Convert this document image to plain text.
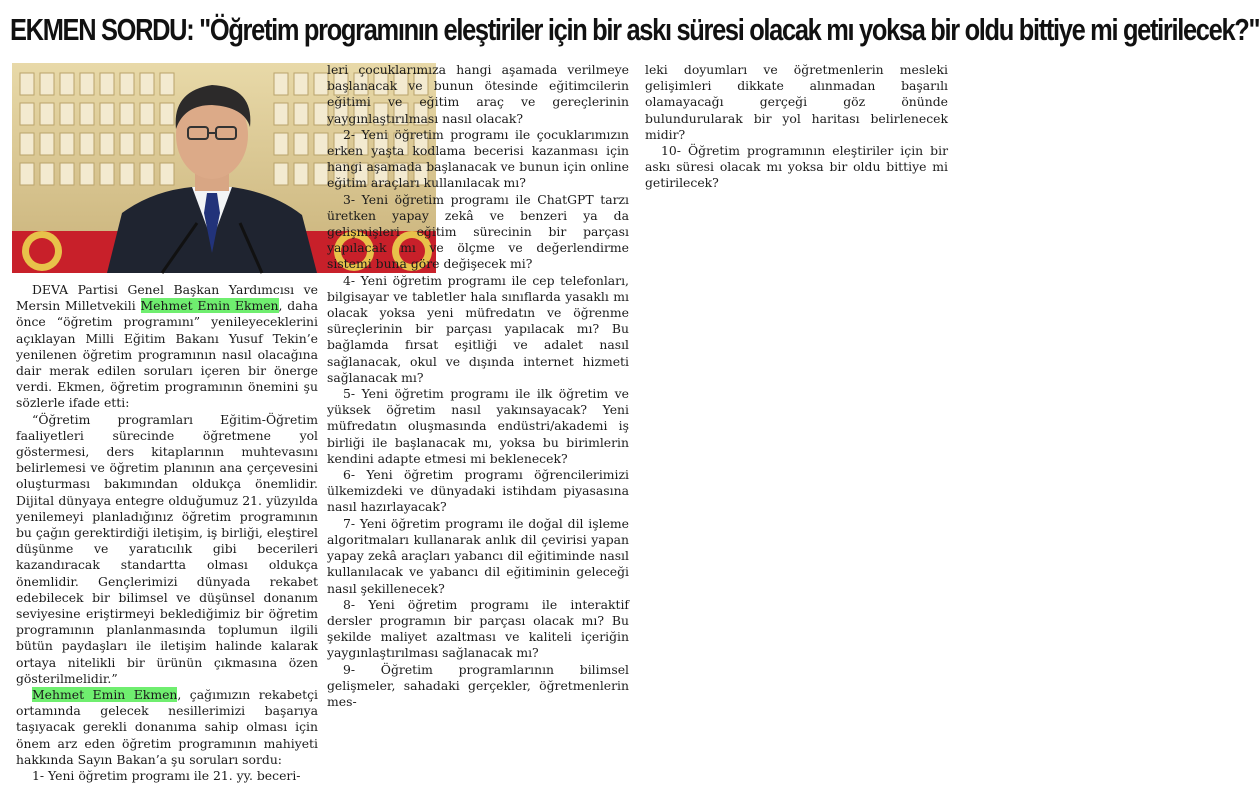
EKMEN SORDU: "Öğretim programının eleştiriler için bir askı süresi olacak mı yoksa bir oldu bittiye mi getirilecek?"

DEVA Partisi Genel Başkan Yardımcısı ve Mersin Milletvekili Mehmet Emin Ekmen, daha önce “öğretim programını” yenileyeceklerini açıklayan Milli Eğitim Bakanı Yusuf Tekin’e yenilenen öğretim programının nasıl olacağına dair merak edilen soruları içeren bir önerge verdi. Ekmen, öğretim programının önemini şu sözlerle ifade etti:

“Öğretim programları Eğitim-Öğretim faaliyetleri sürecinde öğretmene yol göstermesi, ders kitaplarının muhtevasını belirlemesi ve öğretim planının ana çerçevesini oluşturması bakımından oldukça önemlidir. Dijital dünyaya entegre olduğumuz 21. yüzyılda yenilemeyi planladığınız öğretim programının bu çağın gerektirdiği iletişim, iş birliği, eleştirel düşünme ve yaratıcılık gibi becerileri kazandıracak standartta olması oldukça önemlidir. Gençlerimizi dünyada rekabet edebilecek bir bilimsel ve düşünsel donanım seviyesine eriştirmeyi beklediğimiz bir öğretim programının planlanmasında toplumun ilgili bütün paydaşları ile iletişim halinde kalarak ortaya nitelikli bir ürünün çıkmasına özen gösterilmelidir.”

Mehmet Emin Ekmen, çağımızın rekabetçi ortamında gelecek nesillerimizi başarıya taşıyacak gerekli donanıma sahip olması için önem arz eden öğretim programının mahiyeti hakkında Sayın Bakan’a şu soruları sordu:

1- Yeni öğretim programı ile 21. yy. beceri-

leri çocuklarımıza hangi aşamada verilmeye başlanacak ve bunun ötesinde eğitimcilerin eğitimi ve eğitim araç ve gereçlerinin yaygınlaştırılması nasıl olacak?

2- Yeni öğretim programı ile çocuklarımızın erken yaşta kodlama becerisi kazanması için hangi aşamada başlanacak ve bunun için online eğitim araçları kullanılacak mı?

3- Yeni öğretim programı ile ChatGPT tarzı üretken yapay zekâ ve benzeri ya da gelişmişleri eğitim sürecinin bir parçası yapılacak mı ve ölçme ve değerlendirme sistemi buna göre değişecek mi?

4- Yeni öğretim programı ile cep telefonları, bilgisayar ve tabletler hala sınıflarda yasaklı mı olacak yoksa yeni müfredatın ve öğrenme süreçlerinin bir parçası yapılacak mı? Bu bağlamda fırsat eşitliği ve adalet nasıl sağlanacak, okul ve dışında internet hizmeti sağlanacak mı?

5- Yeni öğretim programı ile ilk öğretim ve yüksek öğretim nasıl yakınsayacak? Yeni müfredatın oluşmasında endüstri/akademi iş birliği ile başlanacak mı, yoksa bu birimlerin kendini adapte etmesi mi beklenecek?

6- Yeni öğretim programı öğrencilerimizi ülkemizdeki ve dünyadaki istihdam piyasasına nasıl hazırlayacak?

7- Yeni öğretim programı ile doğal dil işleme algoritmaları kullanarak anlık dil çevirisi yapan yapay zekâ araçları yabancı dil eğitiminde nasıl kullanılacak ve yabancı dil eğitiminin geleceği nasıl şekillenecek?

8- Yeni öğretim programı ile interaktif dersler programın bir parçası olacak mı? Bu şekilde maliyet azaltması ve kaliteli içeriğin yaygınlaştırılması sağlanacak mı?

9- Öğretim programlarının bilimsel gelişmeler, sahadaki gerçekler, öğretmenlerin mes-

leki doyumları ve öğretmenlerin mesleki gelişimleri dikkate alınmadan başarılı olamayacağı gerçeği göz önünde bulundurularak bir yol haritası belirlenecek midir?

10- Öğretim programının eleştiriler için bir askı süresi olacak mı yoksa bir oldu bittiye mi getirilecek?
